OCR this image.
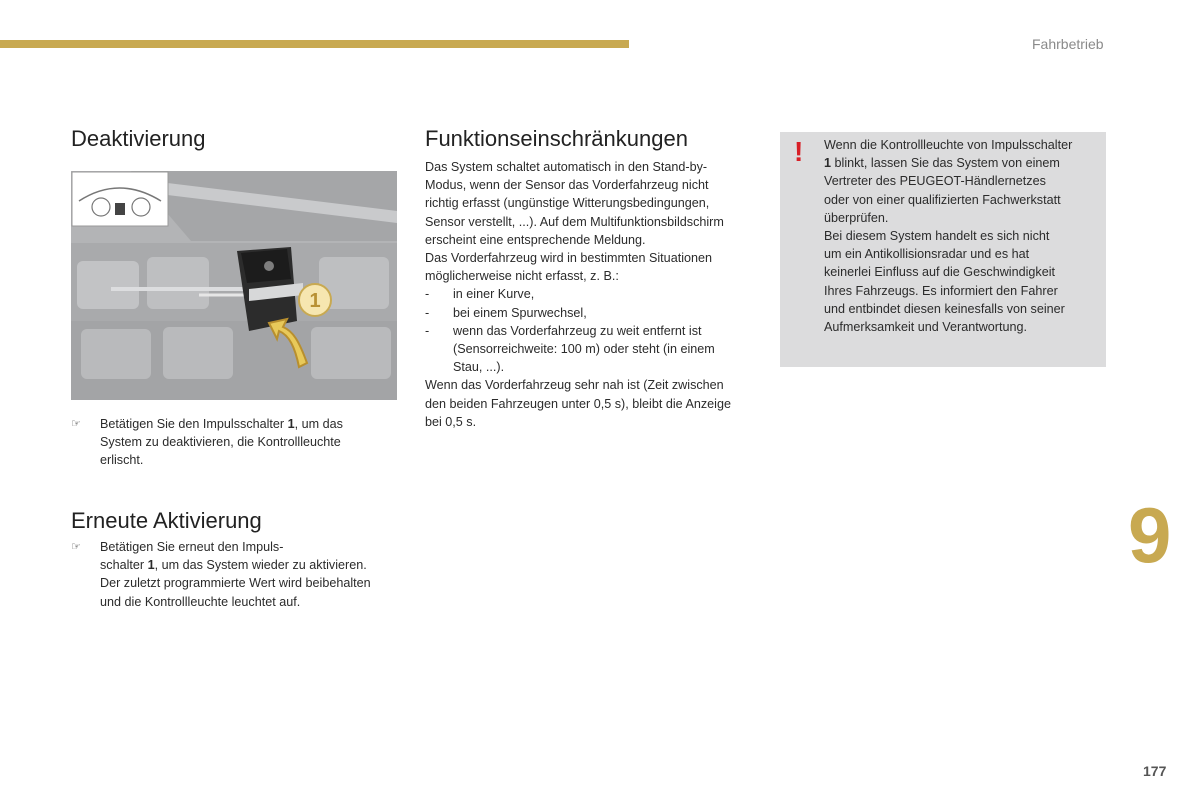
Fahrbetrieb
Deaktivierung
1
☞ Betätigen Sie den Impulsschalter 1, um das
System zu deaktivieren, die Kontrollleuchte
erlischt.
Erneute Aktivierung
☞ Betätigen Sie erneut den Impuls-
schalter 1, um das System wieder zu aktivieren.
Der zuletzt programmierte Wert wird beibehalten
und die Kontrollleuchte leuchtet auf.
Funktionseinschränkungen

Das System schaltet automatisch in den Stand-by-
Modus, wenn der Sensor das Vorderfahrzeug nicht
richtig erfasst (ungünstige Witterungsbedingungen,
Sensor verstellt, ...). Auf dem Multifunktionsbildschirm
erscheint eine entsprechende Meldung.

Das Vorderfahrzeug wird in bestimmten Situationen
möglicherweise nicht erfasst, z. B.:

- in einer Kurve,
- bei einem Spurwechsel,
- wenn das Vorderfahrzeug zu weit entfernt ist
(Sensorreichweite: 100 m) oder steht (in einem
Stau, ...).

Wenn das Vorderfahrzeug sehr nah ist (Zeit zwischen
den beiden Fahrzeugen unter 0,5 s), bleibt die Anzeige
bei 0,5 s.

! Wenn die Kontrollleuchte von Impulsschalter
1 blinkt, lassen Sie das System von einem
Vertreter des PEUGEOT-Händlernetzes
oder von einer qualifizierten Fachwerkstatt
überprüfen.
Bei diesem System handelt es sich nicht
um ein Antikollisionsradar und es hat
keinerlei Einfluss auf die Geschwindigkeit
Ihres Fahrzeugs. Es informiert den Fahrer
und entbindet diesen keinesfalls von seiner
Aufmerksamkeit und Verantwortung.
9
177
